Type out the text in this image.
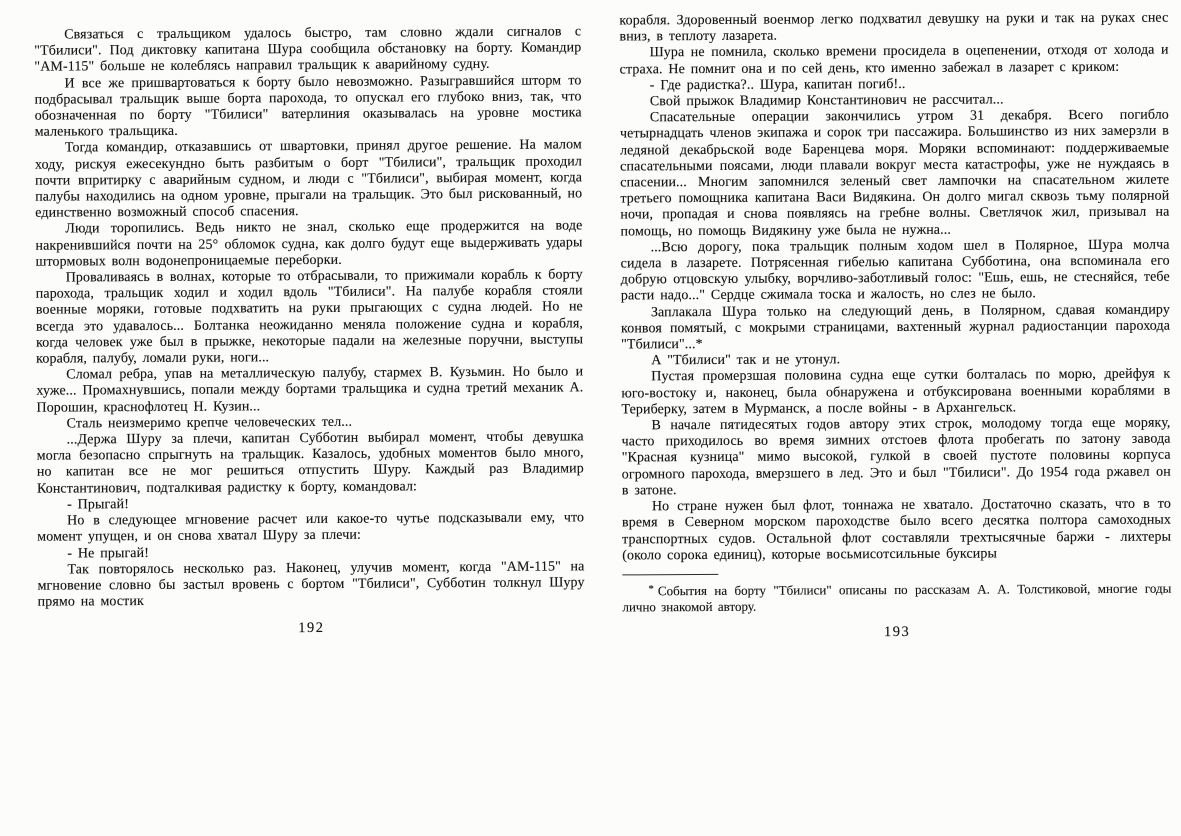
Связаться с тральщиком удалось быстро, там словно ждали сигналов с "Тбилиси". Под диктовку капитана Шура сообщила обстановку на борту. Командир "АМ-115" больше не колеблясь направил тральщик к аварийному судну.

И все же пришвартоваться к борту было невозможно. Разыгравшийся шторм то подбрасывал тральщик выше борта парохода, то опускал его глубоко вниз, так, что обозначенная по борту "Тбилиси" ватерлиния оказывалась на уровне мостика маленького тральщика.

Тогда командир, отказавшись от швартовки, принял другое решение. На малом ходу, рискуя ежесекундно быть разбитым о борт "Тбилиси", тральщик проходил почти впритирку с аварийным судном, и люди с "Тбилиси", выбирая момент, когда палубы находились на одном уровне, прыгали на тральщик. Это был рискованный, но единственно возможный способ спасения.

Люди торопились. Ведь никто не знал, сколько еще продержится на воде накренившийся почти на 25° обломок судна, как долго будут еще выдерживать удары штормовых волн водонепроницаемые переборки.

Проваливаясь в волнах, которые то отбрасывали, то прижимали корабль к борту парохода, тральщик ходил и ходил вдоль "Тбилиси". На палубе корабля стояли военные моряки, готовые подхватить на руки прыгающих с судна людей. Но не всегда это удавалось... Болтанка неожиданно меняла положение судна и корабля, когда человек уже был в прыжке, некоторые падали на железные поручни, выступы корабля, палубу, ломали руки, ноги...

Сломал ребра, упав на металлическую палубу, стармех В. Кузьмин. Но было и хуже... Промахнувшись, попали между бортами тральщика и судна третий механик А. Порошин, краснофлотец Н. Кузин...

Сталь неизмеримо крепче человеческих тел...

...Держа Шуру за плечи, капитан Субботин выбирал момент, чтобы девушка могла безопасно спрыгнуть на тральщик. Казалось, удобных моментов было много, но капитан все не мог решиться отпустить Шуру. Каждый раз Владимир Константинович, подталкивая радистку к борту, командовал:

- Прыгай!

Но в следующее мгновение расчет или какое-то чутье подсказывали ему, что момент упущен, и он снова хватал Шуру за плечи:

- Не прыгай!

Так повторялось несколько раз. Наконец, улучив момент, когда "АМ-115" на мгновение словно бы застыл вровень с бортом "Тбилиси", Субботин толкнул Шуру прямо на мостик

192

корабля. Здоровенный военмор легко подхватил девушку на руки и так на руках снес вниз, в теплоту лазарета.

Шура не помнила, сколько времени просидела в оцепенении, отходя от холода и страха. Не помнит она и по сей день, кто именно забежал в лазарет с криком:

- Где радистка?.. Шура, капитан погиб!..

Свой прыжок Владимир Константинович не рассчитал...

Спасательные операции закончились утром 31 декабря. Всего погибло четырнадцать членов экипажа и сорок три пассажира. Большинство из них замерзли в ледяной декабрьской воде Баренцева моря. Моряки вспоминают: поддерживаемые спасательными поясами, люди плавали вокруг места катастрофы, уже не нуждаясь в спасении... Многим запомнился зеленый свет лампочки на спасательном жилете третьего помощника капитана Васи Видякина. Он долго мигал сквозь тьму полярной ночи, пропадая и снова появляясь на гребне волны. Светлячок жил, призывал на помощь, но помощь Видякину уже была не нужна...

...Всю дорогу, пока тральщик полным ходом шел в Полярное, Шура молча сидела в лазарете. Потрясенная гибелью капитана Субботина, она вспоминала его добрую отцовскую улыбку, ворчливо-заботливый голос: "Ешь, ешь, не стесняйся, тебе расти надо..." Сердце сжимала тоска и жалость, но слез не было.

Заплакала Шура только на следующий день, в Полярном, сдавая командиру конвоя помятый, с мокрыми страницами, вахтенный журнал радиостанции парохода "Тбилиси"...*

А "Тбилиси" так и не утонул.

Пустая промерзшая половина судна еще сутки болталась по морю, дрейфуя к юго-востоку и, наконец, была обнаружена и отбуксирована военными кораблями в Териберку, затем в Мурманск, а после войны - в Архангельск.

В начале пятидесятых годов автору этих строк, молодому тогда еще моряку, часто приходилось во время зимних отстоев флота пробегать по затону завода "Красная кузница" мимо высокой, гулкой в своей пустоте половины корпуса огромного парохода, вмерзшего в лед. Это и был "Тбилиси". До 1954 года ржавел он в затоне.

Но стране нужен был флот, тоннажа не хватало. Достаточно сказать, что в то время в Северном морском пароходстве было всего десятка полтора самоходных транспортных судов. Остальной флот составляли трехтысячные баржи - лихтеры (около сорока единиц), которые восьмисотсильные буксиры

* События на борту "Тбилиси" описаны по рассказам А. А. Толстиковой, многие годы лично знакомой автору.

193
